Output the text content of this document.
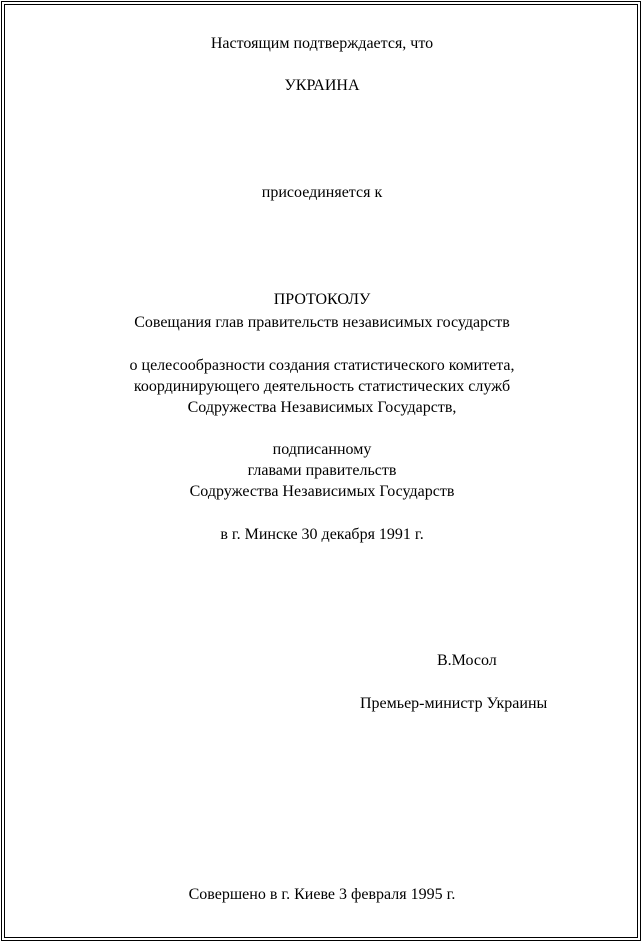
Настоящим подтверждается, что
УКРАИНА
присоединяется к
ПРОТОКОЛУ
Совещания глав правительств независимых государств
о целесообразности создания статистического комитета,
координирующего деятельность статистических служб
Содружества Независимых Государств,
подписанному
главами правительств
Содружества Независимых Государств
в г. Минске 30 декабря 1991 г.
В.Мосол
Премьер-министр Украины
Совершено в г. Киеве 3 февраля 1995 г.
